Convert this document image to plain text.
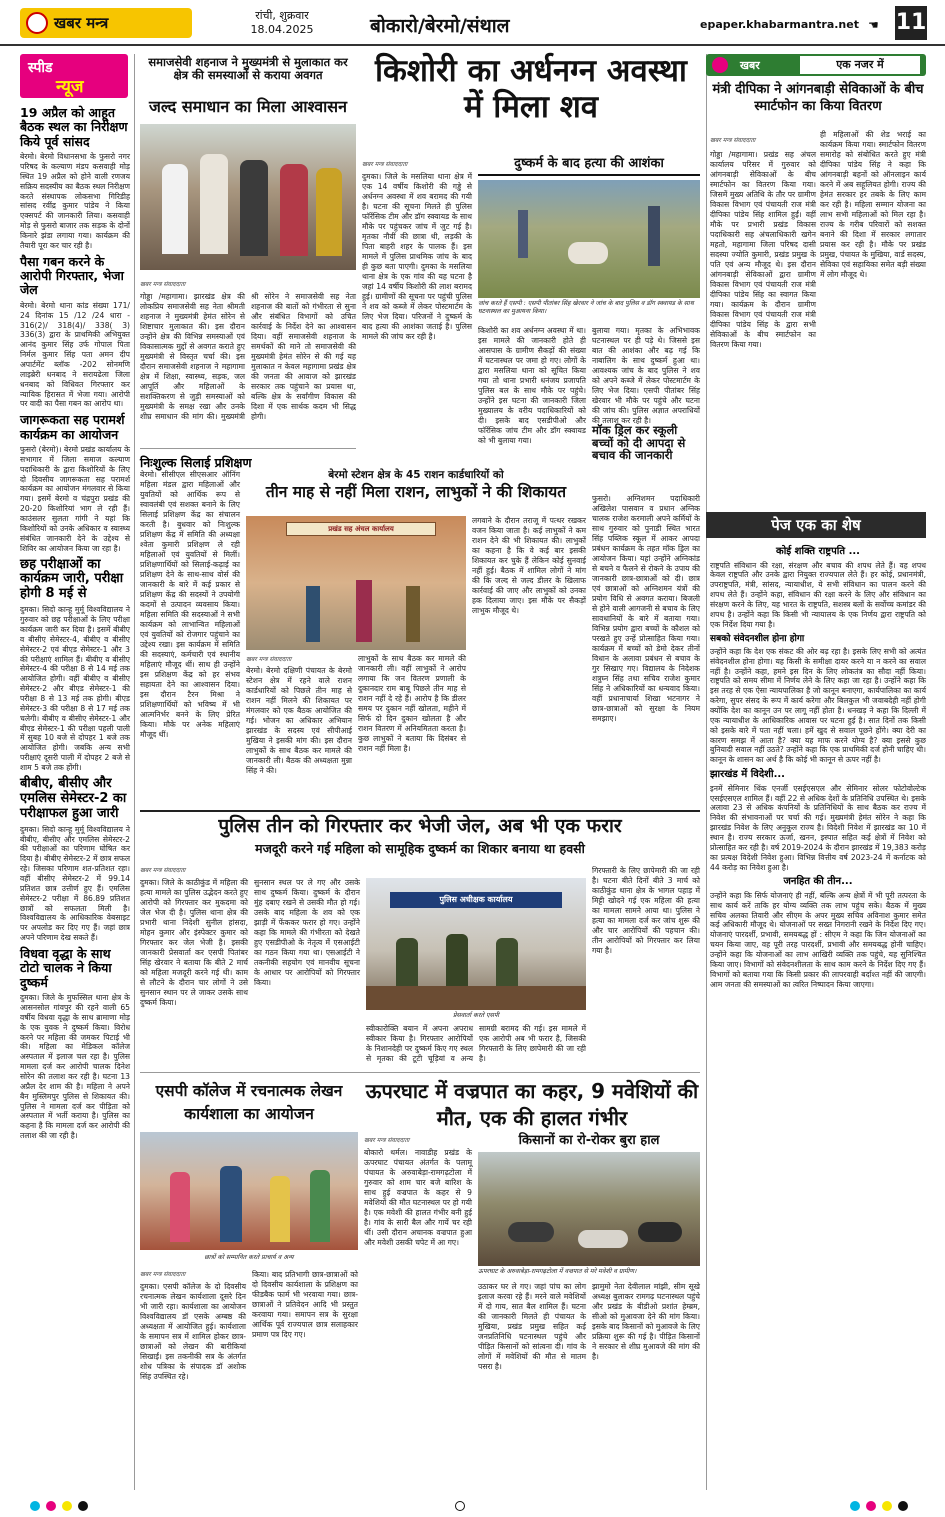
खबर मन्त्र	रांची, शुक्रवार
18.04.2025	बोकारो/बेरमो/संथाल	epaper.khabarmantra.net ☚ 11
स्पीड
न्यूज
19 अप्रैल को आहूत बैठक स्थल का निरीक्षण किये पूर्व सांसद
बेरमो। बेरमो विधानसभा के फुसरो नगर परिषद के कल्याण मंडप कसवाही मोड़ स्थित 19 अप्रैल को होने वाली रणजय सक्रिय सदस्यीय का बैठक स्थल निरीक्षण करते संस्थापक लोकसभा गिरिडीह सांसद रवींद्र कुमार पांडेय ने किया एक्सपर्ट की जानकारी लिया। कसवाही मोड़ से फुसरो बाजार तक सड़क के दोनों किनारे झंडा लगाया गया। कार्यक्रम की तैयारी पूरा कर चार रही है।
पैसा गबन करने के आरोपी गिरफ्तार, भेजा जेल
बेरमो। बेरमो थाना कांड संख्या 171/ 24 दिनांक 15 /12 /24 धारा - 316(2)/ 318(4)/ 338( 3) 336(3) द्वारा के प्राथमिकी अभियुक्त आनंद कुमार सिंह उर्फ गोपाल पिता निर्मल कुमार सिंह पता अमन दीप अपार्टमेंट ब्लॉक -202 सोनमणि लाइब्रेरी धनबाद ने सरायढेला जिला धनबाद को विधिवत गिरफ्तार कर न्यायिक हिरासत में भेजा गया। आरोपी पर वादी का पैसा गबन का आरोप था।
जागरूकता सह परामर्श कार्यक्रम का आयोजन
फुसरो (बेरमो)। बेरमो प्रखंड कार्यालय के सभागार में जिला समाज कल्याण पदाधिकारी के द्वारा किशोरियों के लिए दो दिवसीय जागरूकता सह परामर्श कार्यक्रम का आयोजन मंगलवार से किया गया। इसमें बेरमो व चंद्रपुरा प्रखंड की 20-20 किशोरियां भाग ले रही हैं। काउंसलर सुलता गांगी ने यहां कि किशोरियों को उनके अधिकार व स्वास्थ्य संबंधित जानकारी देने के उद्देश्य से शिविर का आयोजन किया जा रहा है।
छह परीक्षाओं का कार्यक्रम जारी, परीक्षा होगी 8 मई से
दुमका। सिदो कान्हू मुर्मू विश्वविद्यालय ने गुरुवार को छह परीक्षाओं के लिए परीक्षा कार्यक्रम जारी कर दिया है। इसमें बीबीए व बीसीए सेमेस्टर-4, बीबीए व बीसीए सेमेस्टर-2 एवं बीएड सेमेस्टर-1 और 3 की परीक्षाएं शामिल हैं। बीबीए व बीसीए सेमेस्टर-4 की परीक्षा 8 से 14 मई तक आयोजित होगी। वहीं बीबीए व बीसीए सेमेस्टर-2 और बीएड सेमेस्टर-1 की परीक्षा 8 से 13 मई तक होगी। बीएड सेमेस्टर-3 की परीक्षा 8 से 17 मई तक चलेगी। बीबीए व बीसीए सेमेस्टर-1 और बीएड सेमेस्टर-1 की परीक्षा पहली पाली में सुबह 10 बजे से दोपहर 1 बजे तक आयोजित होगी। जबकि अन्य सभी परीक्षाएं दूसरी पाली में दोपहर 2 बजे से शाम 5 बजे तक होंगी।
बीबीए, बीसीए और एमलिस सेमेस्टर-2 का परीक्षाफल हुआ जारी
दुमका। सिदो कान्हू मुर्मू विश्वविद्यालय ने बीबीए, बीसीए और एमलिस सेमेस्टर-2 की परीक्षाओं का परिणाम घोषित कर दिया है। बीबीए सेमेस्टर-2 में छात्र सफल रहे। जिसका परिणाम शत-प्रतिशत रहा। वहीं बीसीए सेमेस्टर-2 में 99.14 प्रतिशत छात्र उत्तीर्ण हुए हैं। एमलिस सेमेस्टर-2 परीक्षा में 86.89 प्रतिशत छात्रों को सफलता मिली है। विश्वविद्यालय के आधिकारिक वेबसाइट पर अपलोड कर दिए गए हैं। जहां छात्र अपने परिणाम देख सकते हैं।
विधवा वृद्धा के साथ टोटो चालक ने किया दुष्कर्म
दुमका। जिले के मुफस्सिल थाना क्षेत्र के आसनसोल गांवपुर की रहने वाली 65 वर्षीय विधवा वृद्धा के साथ ब्रामाणा मोड़ के एक युवक ने दुष्कर्म किया। विरोध करने पर महिला की जमकर पिटाई भी की। महिला का मेडिकल कॉलेज अस्पताल में इलाज चल रहा है। पुलिस मामला दर्ज कर आरोपी चालक दिनेश सोरेन की तलाश कर रही है। घटना 13 अप्रैल देर शाम की है। महिला ने अपने बैन मुस्लिमपुर पुलिस से शिकायत की। पुलिस ने मामला दर्ज कर पीड़िता को अस्पताल में भर्ती कराया है। पुलिस का कहना है कि मामला दर्ज कर आरोपी की तलाश की जा रही है।
समाजसेवी शहनाज ने मुख्यमंत्री से मुलाकात कर क्षेत्र की समस्याओं से कराया अवगत
जल्द समाधान का मिला आश्वासन
खबर मन्त्र संवाददाता
गोड्डा /महागामा। झारखंड क्षेत्र की लोकप्रिय समाजसेवी सह नेता श्रीमती शहनाज ने मुख्यमंत्री हेमंत सोरेन से शिष्टाचार मुलाकात की। इस दौरान उन्होंने क्षेत्र की विभिन्न समस्याओं एवं विकासात्मक मुद्दों से अवगत कराते हुए मुख्यमंत्री से विस्तृत चर्चा की। इस दौरान समाजसेवी शहनाज ने महागामा क्षेत्र में शिक्षा, स्वास्थ्य, सड़क, जल आपूर्ति और महिलाओं के सशक्तिकरण से जुड़ी समस्याओं को मुख्यमंत्री के समक्ष रखा और उनके शीघ्र समाधान की मांग की। मुख्यमंत्री श्री सोरेन ने समाजसेवी सह नेता शहनाज की बातों को गंभीरता से सुना और संबंधित विभागों को उचित कार्रवाई के निर्देश देने का आश्वासन दिया। वहीं समाजसेवी शहनाज के समर्थकों की माने तो समाजसेवी की मुख्यमंत्री हेमंत सोरेन से की गई यह मुलाकात न केवल महागामा प्रखंड क्षेत्र की जनता की आवाज को झारखंड सरकार तक पहुंचाने का प्रयास था, बल्कि क्षेत्र के सर्वांगीण विकास की दिशा में एक सार्थक कदम भी सिद्ध होगी।
निःशुल्क सिलाई प्रशिक्षण
बेरमो। सीसीएल सीएसआर ऑनिंग महिला मंडल द्वारा महिलाओं और युवतियों को आर्थिक रूप से स्वावलंबी एवं सशक्त बनाने के लिए सिलाई प्रशिक्षण केंद्र का संचालन करती है। बुधवार को निःशुल्क प्रशिक्षण केंद्र में समिति की अध्यक्षा श्वेता कुमारी प्रशिक्षण ले रही महिलाओं एवं युवतियों से मिलीं। प्रशिक्षणार्थियों को सिलाई-कढ़ाई का प्रशिक्षण देने के साथ-साथ वोर्स की जानकारी के बारे में कई प्रकार से प्रशिक्षण केंद्र की सदस्यों ने उपयोगी कदमों से उत्पादन व्यवसाय किया। महिला समिति की सदस्याओं ने सभी कार्यक्रम को लाभान्वित महिलाओं एवं युवतियों को रोजगार पहुंचाने का उद्देश्य रखा। इस कार्यक्रम में समिति की सदस्याएं, कर्मचारी एवं स्थानीय महिलाएं मौजूद थीं। साथ ही उन्होंने इस प्रशिक्षण केंद्र को हर संभव सहायता देने का आश्वासन दिया। इस दौरान टैरन मिश्रा ने प्रशिक्षणार्थियों को भविष्य में भी आत्मनिर्भर बनने के लिए प्रेरित किया। मौके पर अनेक महिलाएं मौजूद थीं।
किशोरी का अर्धनग्न अवस्था में मिला शव
खबर मन्त्र संवाददाता
दुमका। जिले के मसलिया थाना क्षेत्र में एक 14 वर्षीय किशोरी की गड्ढे से अर्धनग्न अवस्था में शव बरामद की गयी है। घटना की सूचना मिलते ही पुलिस फॉरेंसिक टीम और डॉग स्क्वायड के साथ मौके पर पहुंचकर जांच में जुट गई है। मृतका नौवीं की छात्रा थी, लड़की के पिता बाहरी शहर के पालक हैं। इस मामले में पुलिस प्राथमिक जांच के बाद ही कुछ बता पाएगी। दुमका के मसलिया थाना क्षेत्र के एक गांव की यह घटना है जहां 14 वर्षीय किशोरी की लाश बरामद हुई। ग्रामीणों की सूचना पर पहुंची पुलिस ने शव को कब्जे में लेकर पोस्टमार्टम के लिए भेज दिया। परिजनों ने दुष्कर्म के बाद हत्या की आशंका जताई है। पुलिस मामले की जांच कर रही है।
दुष्कर्म के बाद हत्या की आशंका
जांच करते हैं एसपी : एसपी पीतांबर सिंह खेरवार ने जांच के बाद पुलिस व डॉग स्क्वायड के साथ घटनास्थल का मुआयना किया।
किशोरी का शव अर्धनग्न अवस्था में था। इस मामले की जानकारी होते ही आसपास के ग्रामीण सैकड़ों की संख्या में घटनास्थल पर जमा हो गए। लोगों के द्वारा मसलिया थाना को सूचित किया गया तो थाना प्रभारी धनंजय प्रजापति पुलिस बल के साथ मौके पर पहुंचे। उन्होंने इस घटना की जानकारी जिला मुख्यालय के वरीय पदाधिकारियों को दी। इसके बाद एसडीपीओ और फॉरेंसिक जांच टीम और डॉग स्क्वायड को भी बुलाया गया।
बुलाया गया। मृतका के अभिभावक घटनास्थल पर ही पड़े थे। जिससे इस बात की आशंका और बढ़ गई कि नाबालिग के साथ दुष्कर्म हुआ था। आवश्यक जांच के बाद पुलिस ने शव को अपने कब्जे में लेकर पोस्टमार्टम के लिए भेज दिया। एसपी पीतांबर सिंह खेरवार भी मौके पर पहुंचे और घटना की जांच की। पुलिस अज्ञात अपराधियों की तलाश कर रही है।
मॉक ड्रिल कर स्कूली बच्चों को दी आपदा से बचाव की जानकारी
फुसरो। अग्निशमन पदाधिकारी अखिलेश पासवान व प्रधान अग्निक चालक राजेश करमाली अपने कर्मियों के साथ गुरुवार को पुनाडी स्थित भारत सिंह पब्लिक स्कूल में आकर आपदा प्रबंधन कार्यक्रम के तहत मॉक ड्रिल का आयोजन किया। यहां उन्होंने अग्निकांड से बचने व फैलने से रोकने के उपाय की जानकारी छात्र-छात्राओं को दी। छात्र एवं छात्राओं को अग्निशमन यंत्रों की प्रयोग विधि से अवगत कराया। बिजली से होने वाली आगजनी से बचाव के लिए सावधानियों के बारे में बताया गया। विभिन्न प्रयोग द्वारा बच्चों के कौशल को परखते हुए उन्हें प्रोत्साहित किया गया। कार्यक्रम में बच्चों को डेमो देकर तीनों विधान के अलावा प्रबंधन से बचाव के गुर सिखाए गए। विद्यालय के निदेशक शत्रुघ्न सिंह तथा सचिव राजेश कुमार सिंह ने अधिकारियों का धन्यवाद किया। वहीं प्रधानाचार्या शिखा भटनागर ने छात्र-छात्राओं को सुरक्षा के नियम समझाए।
बेरमो स्टेशन क्षेत्र के 45 राशन कार्डधारियों को
तीन माह से नहीं मिला राशन, लाभुकों ने की शिकायत
प्रखंड सह अंचल कार्यालय
खबर मन्त्र संवाददाता
बेरमो। बेरमो दक्षिणी पंचायत के बेरमो स्टेशन क्षेत्र में रहने वाले राशन कार्डधारियों को पिछले तीन माह से राशन नहीं मिलने की शिकायत पर मंगलवार को एक बैठक आयोजित की गई। भोजन का अधिकार अभियान झारखंड के सदस्य एवं सीपीआई मुखिया ने इसकी मांग की। इस दौरान लाभुकों के साथ बैठक कर मामले की जानकारी ली। बैठक की अध्यक्षता मुन्ना सिंह ने की।
लाभुकों के साथ बैठक कर मामले की जानकारी ली। वहीं लाभुकों ने आरोप लगाया कि जन वितरण प्रणाली के दुकानदार राम बाबू पिछले तीन माह से राशन नहीं दे रहे हैं। आरोप है कि डीलर समय पर दुकान नहीं खोलता, महीने में सिर्फ दो दिन दुकान खोलता है और राशन वितरण में अनियमितता करता है। कुछ लाभुकों ने बताया कि दिसंबर से राशन नहीं मिला है।
लगवाने के दौरान तराजू में पत्थर रखकर वजन किया जाता है। कई लाभुकों ने कम राशन देने की भी शिकायत की। लाभुकों का कहना है कि वे कई बार इसकी शिकायत कर चुके हैं लेकिन कोई सुनवाई नहीं हुई। बैठक में शामिल लोगों ने मांग की कि जल्द से जल्द डीलर के खिलाफ कार्रवाई की जाए और लाभुकों को उनका हक दिलाया जाए। इस मौके पर सैकड़ों लाभुक मौजूद थे।
पुलिस तीन को गिरफ्तार कर भेजी जेल, अब भी एक फरार
मजदूरी करने गई महिला को सामूहिक दुष्कर्म का शिकार बनाया था हवसी
खबर मन्त्र संवाददाता
दुमका। जिले के काठीकुंड में महिला की हत्या मामले का पुलिस उद्भेदन करते हुए आरोपी को गिरफ्तार कर मुकदमा को जेल भेज दी है। पुलिस थाना क्षेत्र की प्रभारी थाना निदेशी सुनील हांसदा, मोहन कुमार और इंस्पेक्टर कुमार को गिरफ्तार कर जेल भेजी है। इसकी जानकारी प्रेसवार्ता कर एसपी पितांबर सिंह खेरवार ने बताया कि बीते 2 मार्च को महिला मजदूरी करने गई थी। काम से लौटने के दौरान चार लोगों ने उसे सुनसान स्थान पर ले जाकर उसके साथ दुष्कर्म किया।
सुनसान स्थल पर ले गए और उसके साथ दुष्कर्म किया। दुष्कर्म के दौरान मुंह दबाए रखने से उसकी मौत हो गई। उसके बाद महिला के शव को एक झाड़ी में फेंककर फरार हो गए। उन्होंने कहा कि मामले की गंभीरता को देखते हुए एसडीपीओ के नेतृत्व में एसआईटी का गठन किया गया था। एसआईटी ने तकनीकी सहयोग एवं मानवीय सूचना के आधार पर आरोपियों को गिरफ्तार किया।
पुलिस अधीक्षक कार्यालय
प्रेसवार्ता करते एसपी
स्वीकारोक्ति बयान में अपना अपराध स्वीकार किया है। गिरफ्तार आरोपियों के निशानदेही पर दुष्कर्म किए गए स्थल से मृतका की टूटी चूड़ियां व अन्य सामग्री बरामद की गई। इस मामले में एक आरोपी अब भी फरार है, जिसकी गिरफ्तारी के लिए छापेमारी की जा रही है।
गिरफ्तारी के लिए छापेमारी की जा रही है। घटना बीते दिनों बीते 3 मार्च को काठीकुंड थाना क्षेत्र के भागल पहाड़ में मिट्टी खोदने गई एक महिला की हत्या का मामला सामने आया था। पुलिस ने हत्या का मामला दर्ज कर जांच शुरू की और चार आरोपियों की पहचान की। तीन आरोपियों को गिरफ्तार कर लिया गया है।
एसपी कॉलेज में रचनात्मक लेखन कार्यशाला का आयोजन
छात्रों को सम्मानित करते प्राचार्य व अन्य
खबर मन्त्र संवाददाता
दुमका। एसपी कॉलेज के दो दिवसीय रचनात्मक लेखन कार्यशाला दूसरे दिन भी जारी रहा। कार्यशाला का आयोजन विश्वविद्यालय डॉ एसके अम्बष्ठ की अध्यक्षता में आयोजित हुई। कार्यशाला के समापन सत्र में शामिल होकर छात्र-छात्राओं को लेखन की बारीकियां सिखाईं। इस तकनीकी सत्र के अंतर्गत शोध पत्रिका के संपादक डॉ अशोक सिंह उपस्थित रहे।
किया। बाद प्रतिभागी छात्र-छात्राओं को दो दिवसीय कार्यशाला के प्रशिक्षण का फीडबैक फार्म भी भरवाया गया। छात्र-छात्राओं ने प्रतिवेदन आदि भी प्रस्तुत करवाया गया। समापन सत्र के सुरक्षा आर्थिक पूर्व राज्यपाल छात्र सलाहकार प्रमाण पत्र दिए गए।
ऊपरघाट में वज्रपात का कहर, 9 मवेशियों की मौत, एक की हालत गंभीर
किसानों का रो-रोकर बुरा हाल
खबर मन्त्र संवाददाता
बोकारो थर्मल। नावाडीह प्रखंड के ऊपरघाट पंचायत अंतर्गत के पलामू पंचायत के अरुवाबेड़ा-रामगढ़टोला में गुरुवार को शाम चार बजे बारिश के साथ हुई वज्रपात के कहर से 9 मवेशियों की मौत घटनास्थल पर हो गयी है। एक मवेशी की हालत गंभीर बनी हुई है। गांव के सारी बैल और गायें चर रही थीं। उसी दौरान अचानक वज्रपात हुआ और मवेशी उसकी चपेट में आ गए।
ऊपरघाट के अरुवाबेड़ा-रामगढ़टोला में वज्रपात से मरे मवेशी व ग्रामीण।
उठाकर घर ले गए। जहां पांच का लोग इलाज करवा रहे हैं। मरने वाले मवेशियों में दो गाय, सात बैल शामिल हैं। घटना की जानकारी मिलते ही पंचायत के मुखिया, प्रखंड प्रमुख सहित कई जनप्रतिनिधि घटनास्थल पहुंचे और पीड़ित किसानों को सांत्वना दी। गांव के लोगों में मवेशियों की मौत से मातम पसरा है।
झामुमो नेता देवीलाल मांझी, सीम सूखे अध्यक्ष बुलाकर रामगढ़ घटनास्थल पहुंचे और प्रखंड के बीडीओ प्रशांत हेम्ब्रम, सीओ को मुआवजा देने की मांग किया। इसके बाद किसानों को मुआवजे के लिए प्रक्रिया शुरू की गई है। पीड़ित किसानों ने सरकार से शीघ्र मुआवजे की मांग की है।
खबर	एक नजर में
मंत्री दीपिका ने आंगनबाड़ी सेविकाओं के बीच स्मार्टफोन का किया वितरण
खबर मन्त्र संवाददाता
गोड्डा /महागामा। प्रखंड सह अंचल कार्यालय परिसर में गुरुवार को आंगनबाड़ी सेविकाओं के बीच स्मार्टफोन का वितरण किया गया। जिसमें मुख्य अतिथि के तौर पर ग्रामीण विकास विभाग एवं पंचायती राज मंत्री दीपिका पांडेय सिंह शामिल हुईं। वहीं मौके पर प्रभारी प्रखंड विकास पदाधिकारी सह अंचलाधिकारी खगेन महतो, महागामा जिला परिषद दासी सदस्या ज्योति कुमारी, प्रखंड प्रमुख के पति एवं अन्य मौजूद थे। इस दौरान आंगनबाड़ी सेविकाओं द्वारा ग्रामीण विकास विभाग एवं पंचायती राज मंत्री दीपिका पांडेय सिंह का स्वागत किया गया। कार्यक्रम के दौरान ग्रामीण विकास विभाग एवं पंचायती राज मंत्री दीपिका पांडेय सिंह के द्वारा सभी सेविकाओं के बीच स्मार्टफोन का वितरण किया गया।
ही महिलाओं की शेड भराई का कार्यक्रम किया गया। स्मार्टफोन वितरण समारोह को संबोधित करते हुए मंत्री दीपिका पांडेय सिंह ने कहा कि आंगनबाड़ी बहनों को ऑनलाइन कार्य करने में अब सहूलियत होगी। राज्य की हेमंत सरकार हर तबके के लिए काम कर रही है। महिला सम्मान योजना का लाभ सभी महिलाओं को मिल रहा है। राज्य के गरीब परिवारों को सशक्त बनाने की दिशा में सरकार लगातार प्रयास कर रही है। मौके पर प्रखंड प्रमुख, पंचायत के मुखिया, वार्ड सदस्य, सेविका एवं सहायिका समेत बड़ी संख्या में लोग मौजूद थे।
पेज एक का शेष
कोई शक्ति राष्ट्रपति ...
राष्ट्रपति संविधान की रक्षा, संरक्षण और बचाव की शपथ लेते हैं। वह शपथ केवल राष्ट्रपति और उनके द्वारा नियुक्त राज्यपाल लेते हैं। हर कोई, प्रधानमंत्री, उपराष्ट्रपति, मंत्री, सांसद, न्यायाधीश, ये सभी संविधान का पालन करने की शपथ लेते हैं। उन्होंने कहा, संविधान की रक्षा करने के लिए और संविधान का संरक्षण करने के लिए, यह भारत के राष्ट्रपति, सशस्त्र बलों के सर्वोच्च कमांडर की शपथ है। उन्होंने कहा कि किसी भी न्यायालय के एक निर्णय द्वारा राष्ट्रपति को एक निर्देश दिया गया है।
सबको संवेदनशील होना होगा
उन्होंने कहा कि देश एक संकट की ओर बढ़ रहा है। इसके लिए सभी को अत्यंत संवेदनशील होना होगा। यह किसी के समीक्षा दायर करने या न करने का सवाल नहीं है। उन्होंने कहा, हमने इस दिन के लिए लोकतंत्र का सौदा नहीं किया। राष्ट्रपति को समय सीमा में निर्णय लेने के लिए कहा जा रहा है। उन्होंने कहा कि इस तरह से एक ऐसा न्यायपालिका है जो कानून बनाएगा, कार्यपालिका का कार्य करेगा, सुपर संसद के रूप में कार्य करेगा और बिलकुल भी जवाबदेही नहीं होगी क्योंकि देश का कानून उन पर लागू नहीं होता है। धनखड़ ने कहा कि दिल्ली में एक न्यायाधीश के आधिकारिक आवास पर घटना हुई है। सात दिनों तक किसी को इसके बारे में पता नहीं चला। हमें खुद से सवाल पूछने होंगे। क्या देरी का कारण समझ में आता है? क्या यह माफ करने योग्य है? क्या इससे कुछ बुनियादी सवाल नहीं उठते? उन्होंने कहा कि एक प्राथमिकी दर्ज होनी चाहिए थी। कानून के शासन का अर्थ है कि कोई भी कानून से ऊपर नहीं है।
झारखंड में विदेशी...
इनमें सेमिनार थिंक एनर्जी एसईएसएल और सेमिनार सोलर फोटोवोल्टेक एसईएसएल शामिल हैं। वहीं 22 से अधिक देशों के प्रतिनिधि उपस्थित थे। इसके अलावा 23 से अधिक कंपनियों के प्रतिनिधियों के साथ बैठक कर राज्य में निवेश की संभावनाओं पर चर्चा की गई। मुख्यमंत्री हेमंत सोरेन ने कहा कि झारखंड निवेश के लिए अनुकूल राज्य है। विदेशी निवेश में झारखंड का 10 में स्थान है। राज्य सरकार ऊर्जा, खनन, इस्पात सहित कई क्षेत्रों में निवेश को प्रोत्साहित कर रही है। वर्ष 2019-2024 के दौरान झारखंड में 19,383 करोड़ का प्रत्यक्ष विदेशी निवेश हुआ। विभिन्न वित्तीय वर्ष 2023-24 में कर्नाटक को 44 करोड़ का निवेश हुआ है।
जनहित की तीन...
उन्होंने कहा कि सिर्फ योजनाएं ही नहीं, बल्कि अन्य क्षेत्रों में भी पूरी तत्परता के साथ कार्य करें ताकि हर योग्य व्यक्ति तक लाभ पहुंच सके। बैठक में मुख्य सचिव अलका तिवारी और सीएम के अपर मुख्य सचिव अविनाश कुमार समेत कई अधिकारी मौजूद थे। योजनाओं पर सख्त निगरानी रखने के निर्देश दिए गए। योजनाएं पारदर्शी, प्रभावी, समयबद्ध हों : सीएम ने कहा कि जिन योजनाओं का चयन किया जाए, वह पूरी तरह पारदर्शी, प्रभावी और समयबद्ध होनी चाहिए। उन्होंने कहा कि योजनाओं का लाभ आखिरी व्यक्ति तक पहुंचे, यह सुनिश्चित किया जाए। विभागों को संवेदनशीलता के साथ काम करने के निर्देश दिए गए हैं। विभागों को बताया गया कि किसी प्रकार की लापरवाही बर्दाश्त नहीं की जाएगी। आम जनता की समस्याओं का त्वरित निष्पादन किया जाएगा।
